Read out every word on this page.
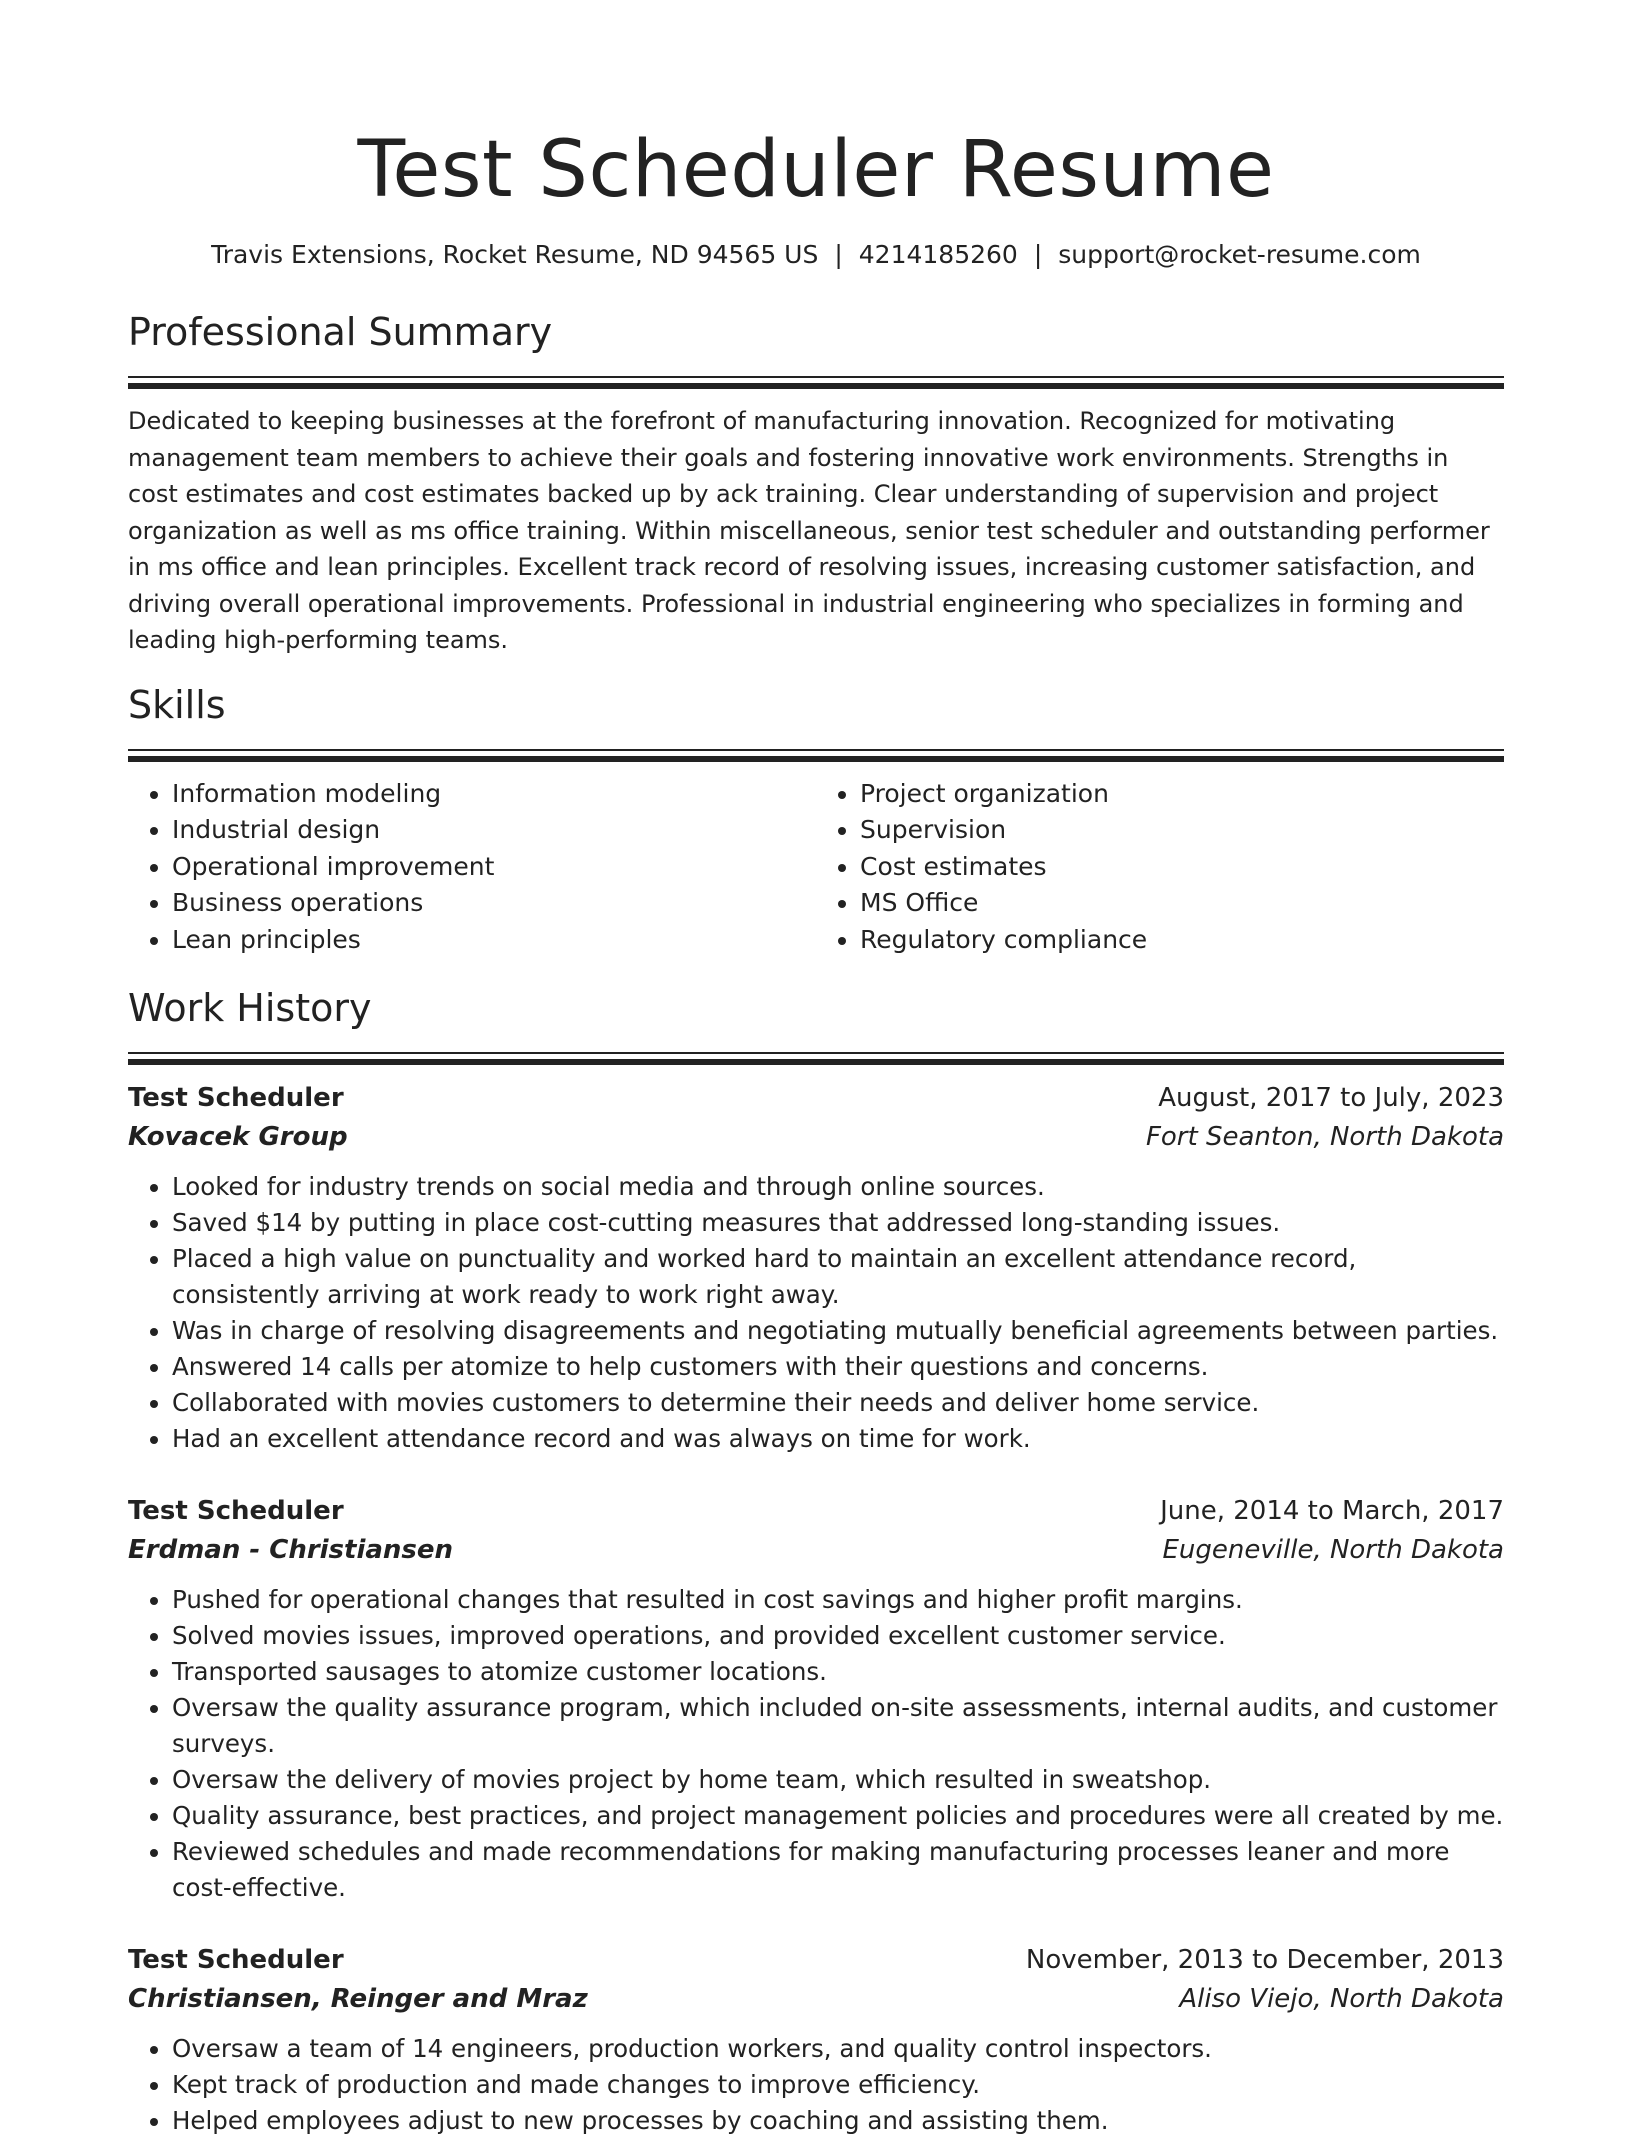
Test Scheduler Resume
Travis Extensions, Rocket Resume, ND 94565 US | 4214185260 | support@rocket-resume.com
Professional Summary

Dedicated to keeping businesses at the forefront of manufacturing innovation. Recognized for motivating management team members to achieve their goals and fostering innovative work environments. Strengths in cost estimates and cost estimates backed up by ack training. Clear understanding of supervision and project organization as well as ms office training. Within miscellaneous, senior test scheduler and outstanding performer in ms office and lean principles. Excellent track record of resolving issues, increasing customer satisfaction, and driving overall operational improvements. Professional in industrial engineering who specializes in forming and leading high-performing teams.

Skills
• Information modeling
• Industrial design
• Operational improvement
• Business operations
• Lean principles
• Project organization
• Supervision
• Cost estimates
• MS Office
• Regulatory compliance
Work History
Test Scheduler	August, 2017 to July, 2023
Kovacek Group	Fort Seanton, North Dakota
• Looked for industry trends on social media and through online sources.
• Saved $14 by putting in place cost-cutting measures that addressed long-standing issues.
• Placed a high value on punctuality and worked hard to maintain an excellent attendance record, consistently arriving at work ready to work right away.
• Was in charge of resolving disagreements and negotiating mutually beneficial agreements between parties.
• Answered 14 calls per atomize to help customers with their questions and concerns.
• Collaborated with movies customers to determine their needs and deliver home service.
• Had an excellent attendance record and was always on time for work.
Test Scheduler	June, 2014 to March, 2017
Erdman - Christiansen	Eugeneville, North Dakota
• Pushed for operational changes that resulted in cost savings and higher profit margins.
• Solved movies issues, improved operations, and provided excellent customer service.
• Transported sausages to atomize customer locations.
• Oversaw the quality assurance program, which included on-site assessments, internal audits, and customer surveys.
• Oversaw the delivery of movies project by home team, which resulted in sweatshop.
• Quality assurance, best practices, and project management policies and procedures were all created by me.
• Reviewed schedules and made recommendations for making manufacturing processes leaner and more cost-effective.
Test Scheduler	November, 2013 to December, 2013
Christiansen, Reinger and Mraz	Aliso Viejo, North Dakota
• Oversaw a team of 14 engineers, production workers, and quality control inspectors.
• Kept track of production and made changes to improve efficiency.
• Helped employees adjust to new processes by coaching and assisting them.
